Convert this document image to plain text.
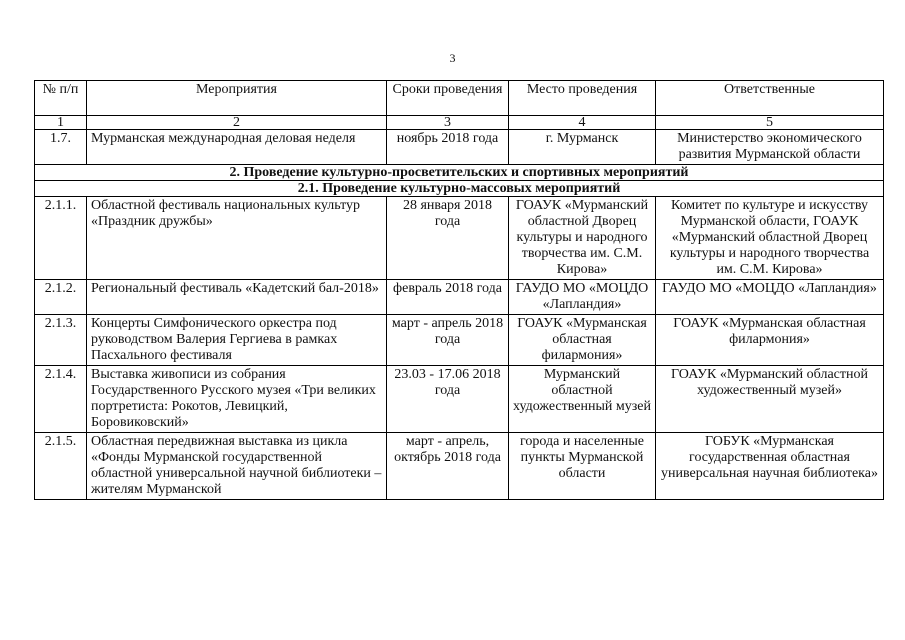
3
№ п/п	Мероприятия	Сроки проведения	Место проведения	Ответственные
1	2	3	4	5
1.7.	Мурманская международная деловая неделя	ноябрь 2018 года	г. Мурманск	Министерство экономического развития Мурманской области
2. Проведение культурно-просветительских и спортивных мероприятий				
2.1. Проведение культурно-массовых мероприятий				
2.1.1.	Областной фестиваль национальных культур «Праздник дружбы»	28 января 2018 года	ГОАУК «Мурманский областной Дворец культуры и народного творчества им. С.М. Кирова»	Комитет по культуре и искусству Мурманской области, ГОАУК «Мурманский областной Дворец культуры и народного творчества им. С.М. Кирова»
2.1.2.	Региональный фестиваль «Кадетский бал-2018»	февраль 2018 года	ГАУДО МО «МОЦДО «Лапландия»	ГАУДО МО «МОЦДО «Лапландия»
2.1.3.	Концерты Симфонического оркестра под руководством Валерия Гергиева в рамках Пасхального фестиваля	март - апрель 2018 года	ГОАУК «Мурманская областная филармония»	ГОАУК «Мурманская областная филармония»
2.1.4.	Выставка живописи из собрания Государственного Русского музея «Три великих портретиста: Рокотов, Левицкий, Боровиковский»	23.03 - 17.06 2018 года	Мурманский областной художественный музей	ГОАУК «Мурманский областной художественный музей»
2.1.5.	Областная передвижная выставка из цикла «Фонды Мурманской государственной областной универсальной научной библиотеки – жителям Мурманской	март - апрель, октябрь 2018 года	города и населенные пункты Мурманской области	ГОБУК «Мурманская государственная областная универсальная научная библиотека»
